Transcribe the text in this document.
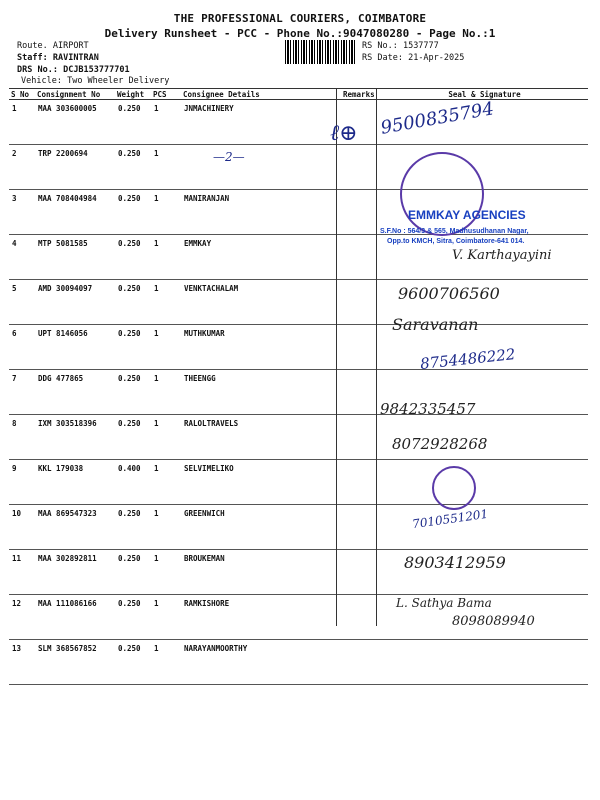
THE PROFESSIONAL COURIERS, COIMBATORE
Delivery Runsheet - PCC - Phone No.:9047080280 - Page No.:1
Route. AIRPORT
Staff: RAVINTRAN
DRS No.: DCJB153777701
Vehicle: Two Wheeler Delivery
RS No.: 1537777
RS Date: 21-Apr-2025
S No	Consignment No	Weight	PCS	Consignee Details	Remarks	Seal & Signature
1	MAA 303600005	0.250	1	JNMACHINERY		
2	TRP 2200694	0.250	1			
3	MAA 708404984	0.250	1	MANIRANJAN		
4	MTP 5081585	0.250	1	EMMKAY		
5	AMD 30094097	0.250	1	VENKTACHALAM		
6	UPT 8146056	0.250	1	MUTHKUMAR		
7	DDG 477865	0.250	1	THEENGG		
8	IXM 303518396	0.250	1	RALOLTRAVELS		
9	KKL 179038	0.400	1	SELVIMELIKO		
10	MAA 869547323	0.250	1	GREENWICH		
11	MAA 302892811	0.250	1	BROUKEMAN		
12	MAA 111086166	0.250	1	RAMKISHORE		
13	SLM 368567852	0.250	1	NARAYANMOORTHY		
9500835794
ℓ⊕
—2—
EMMKAY AGENCIES
S.F.No : 564/3 & 565, Madhusudhanan Nagar,
Opp.to KMCH, Sitra, Coimbatore-641 014.
V. Karthayayini
9600706560
Saravanan
8754486222
9842335457
8072928268
7010551201
8903412959
L. Sathya Bama
8098089940
